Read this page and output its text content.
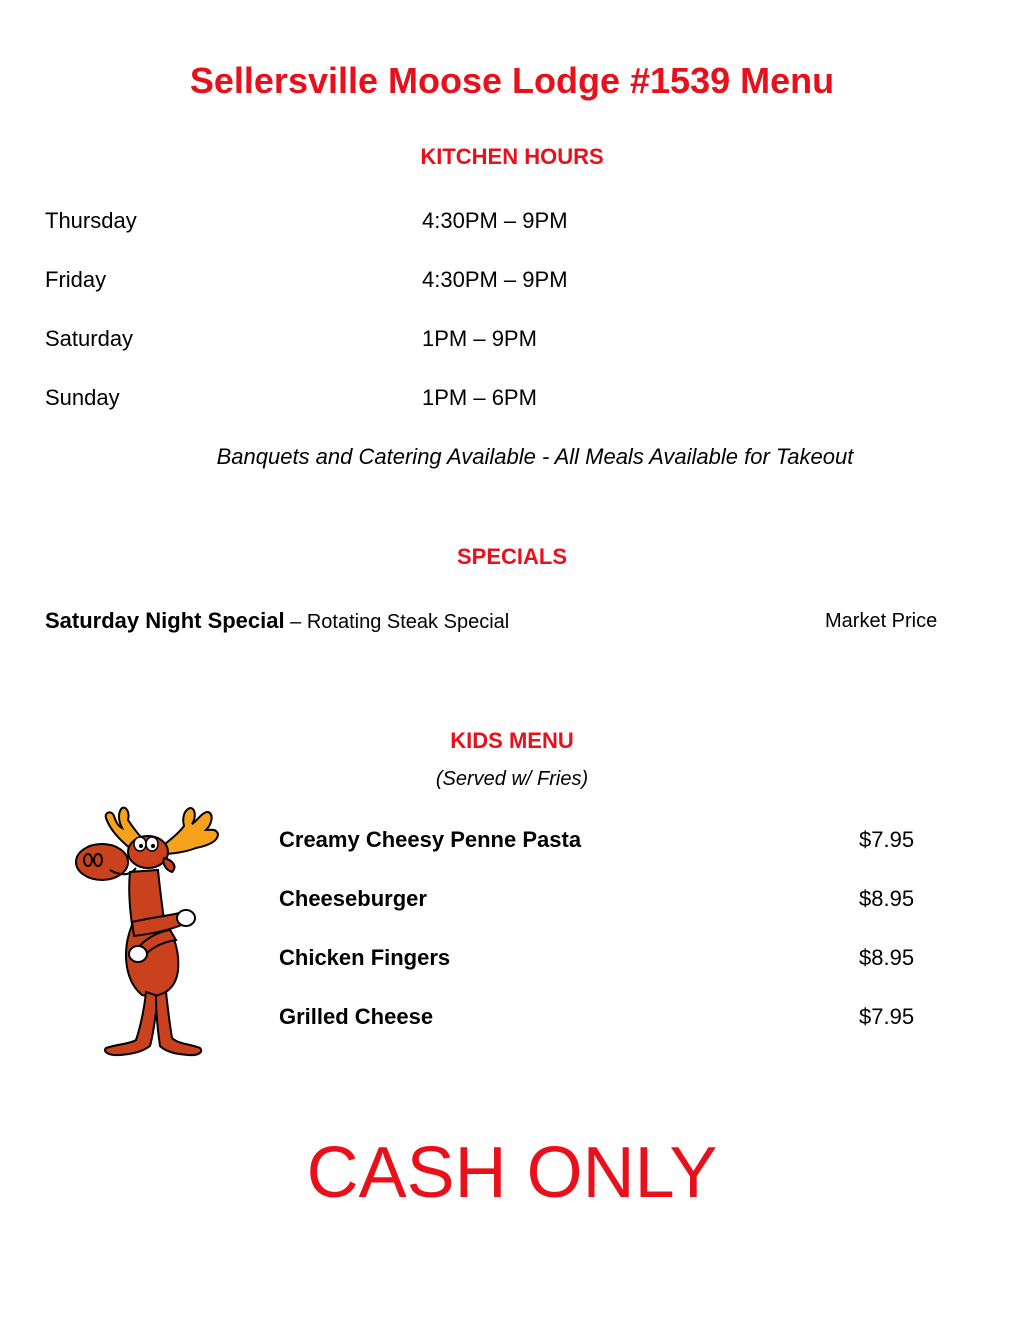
Sellersville Moose Lodge #1539 Menu
KITCHEN HOURS
Thursday	4:30PM – 9PM
Friday	4:30PM – 9PM
Saturday	1PM – 9PM
Sunday	1PM – 6PM
Banquets and Catering Available - All Meals Available for Takeout
SPECIALS
Saturday Night Special – Rotating Steak Special	Market Price
KIDS MENU
(Served w/ Fries)
Creamy Cheesy Penne Pasta	$7.95
Cheeseburger	$8.95
Chicken Fingers	$8.95
Grilled Cheese	$7.95
CASH ONLY
